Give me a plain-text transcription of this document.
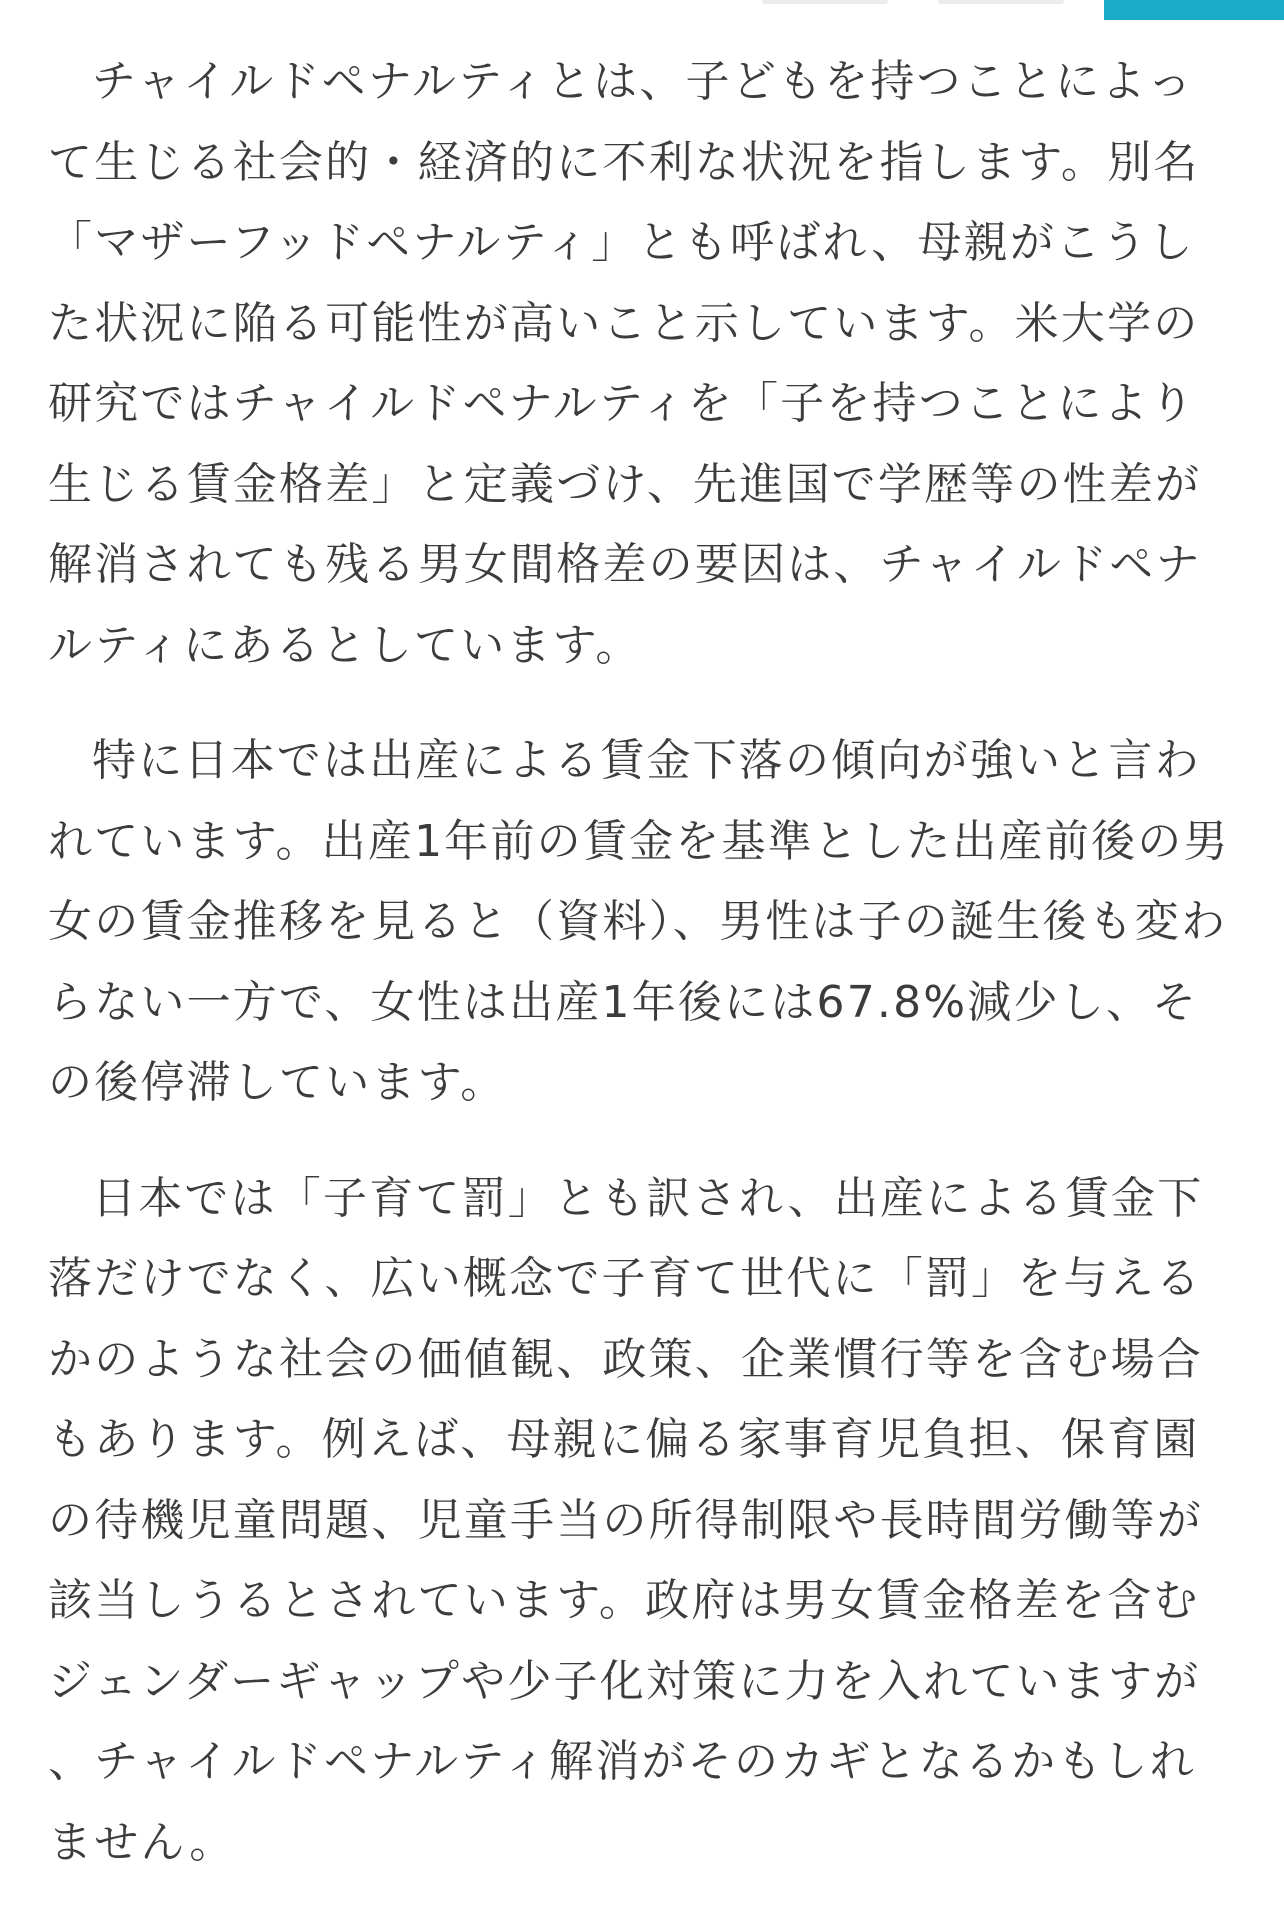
チャイルドペナルティとは、子どもを持つことによって生じる社会的・経済的に不利な状況を指します。別名「マザーフッドペナルティ」とも呼ばれ、母親がこうした状況に陥る可能性が高いこと示しています。米大学の研究ではチャイルドペナルティを「子を持つことにより生じる賃金格差」と定義づけ、先進国で学歴等の性差が解消されても残る男女間格差の要因は、チャイルドペナルティにあるとしています。

特に日本では出産による賃金下落の傾向が強いと言われています。出産1年前の賃金を基準とした出産前後の男女の賃金推移を見ると（資料）、男性は子の誕生後も変わらない一方で、女性は出産1年後には67.8%減少し、その後停滞しています。

日本では「子育て罰」とも訳され、出産による賃金下落だけでなく、広い概念で子育て世代に「罰」を与えるかのような社会の価値観、政策、企業慣行等を含む場合もあります。例えば、母親に偏る家事育児負担、保育園の待機児童問題、児童手当の所得制限や長時間労働等が該当しうるとされています。政府は男女賃金格差を含むジェンダーギャップや少子化対策に力を入れていますが、チャイルドペナルティ解消がそのカギとなるかもしれません。
